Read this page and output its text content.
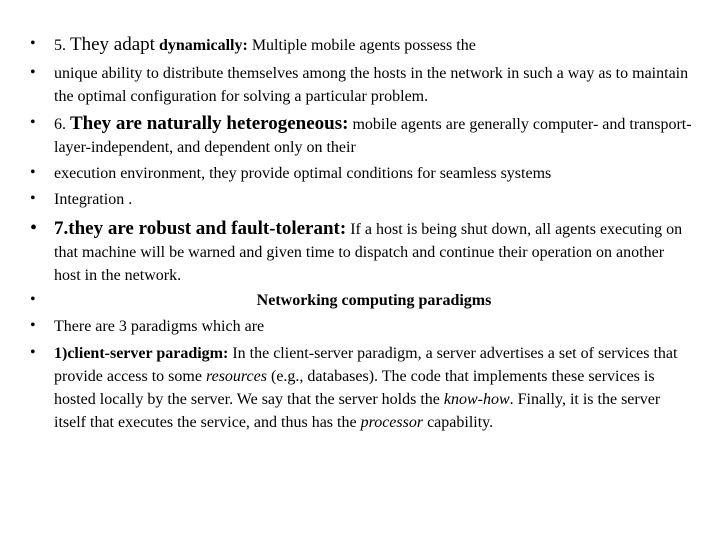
• 5. They adapt dynamically: Multiple mobile agents possess the
• unique ability to distribute themselves among the hosts in the network in such a way as to maintain the optimal configuration for solving a particular problem.
• 6. They are naturally heterogeneous: mobile agents are generally computer- and transport-layer-independent, and dependent only on their
• execution environment, they provide optimal conditions for seamless systems
• Integration .
• 7.they are robust and fault-tolerant: If a host is being shut down, all agents executing on that machine will be warned and given time to dispatch and continue their operation on another host in the network.
•	Networking computing paradigms
• There are 3 paradigms which are
• 1)client-server paradigm: In the client-server paradigm, a server advertises a set of services that provide access to some resources (e.g., databases). The code that implements these services is hosted locally by the server. We say that the server holds the know-how. Finally, it is the server itself that executes the service, and thus has the processor capability.
